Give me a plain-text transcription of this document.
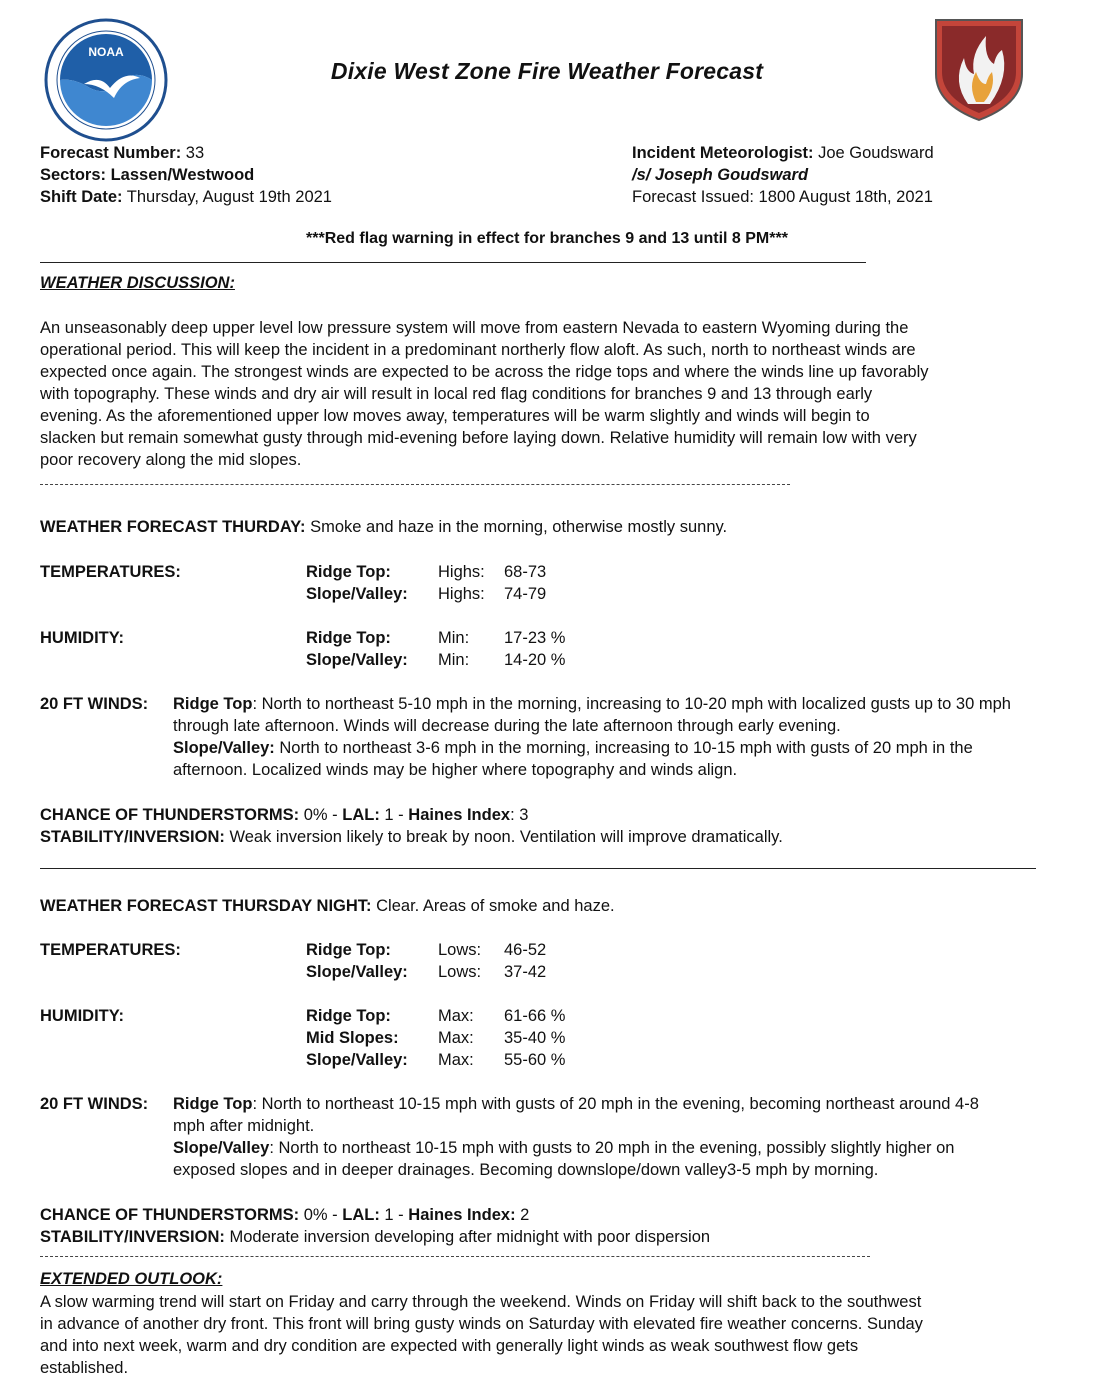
NOAA
Dixie West Zone Fire Weather Forecast
Forecast Number: 33
Sectors: Lassen/Westwood
Shift Date: Thursday, August 19th 2021
Incident Meteorologist: Joe Goudsward
/s/ Joseph Goudsward
Forecast Issued: 1800 August 18th, 2021
***Red flag warning in effect for branches 9 and 13 until 8 PM***
WEATHER DISCUSSION:
An unseasonably deep upper level low pressure system will move from eastern Nevada to eastern Wyoming during the
operational period. This will keep the incident in a predominant northerly flow aloft. As such, north to northeast winds are
expected once again. The strongest winds are expected to be across the ridge tops and where the winds line up favorably
with topography. These winds and dry air will result in local red flag conditions for branches 9 and 13 through early
evening. As the aforementioned upper low moves away, temperatures will be warm slightly and winds will begin to
slacken but remain somewhat gusty through mid-evening before laying down. Relative humidity will remain low with very
poor recovery along the mid slopes.
WEATHER FORECAST THURDAY: Smoke and haze in the morning, otherwise mostly sunny.
TEMPERATURES:	Ridge Top:	Highs: 68-73
Slope/Valley: Highs: 74-79
HUMIDITY:	Ridge Top:	Min: 17-23 %
Slope/Valley: Min: 14-20 %
20 FT WINDS: Ridge Top: North to northeast 5-10 mph in the morning, increasing to 10-20 mph with localized gusts up to 30 mph through late afternoon. Winds will decrease during the late afternoon through early evening.
Slope/Valley: North to northeast 3-6 mph in the morning, increasing to 10-15 mph with gusts of 20 mph in the afternoon. Localized winds may be higher where topography and winds align.
CHANCE OF THUNDERSTORMS: 0% - LAL: 1 - Haines Index: 3
STABILITY/INVERSION: Weak inversion likely to break by noon. Ventilation will improve dramatically.
WEATHER FORECAST THURSDAY NIGHT: Clear. Areas of smoke and haze.
TEMPERATURES:	Ridge Top:	Lows: 46-52
Slope/Valley: Lows: 37-42
HUMIDITY:	Ridge Top:	Max: 61-66 %
Mid Slopes: Max: 35-40 %
Slope/Valley: Max: 55-60 %
20 FT WINDS: Ridge Top: North to northeast 10-15 mph with gusts of 20 mph in the evening, becoming northeast around 4-8 mph after midnight.
Slope/Valley: North to northeast 10-15 mph with gusts to 20 mph in the evening, possibly slightly higher on exposed slopes and in deeper drainages. Becoming downslope/down valley3-5 mph by morning.
CHANCE OF THUNDERSTORMS: 0% - LAL: 1 - Haines Index: 2
STABILITY/INVERSION: Moderate inversion developing after midnight with poor dispersion
EXTENDED OUTLOOK:
A slow warming trend will start on Friday and carry through the weekend. Winds on Friday will shift back to the southwest
in advance of another dry front. This front will bring gusty winds on Saturday with elevated fire weather concerns. Sunday
and into next week, warm and dry condition are expected with generally light winds as weak southwest flow gets
established.
